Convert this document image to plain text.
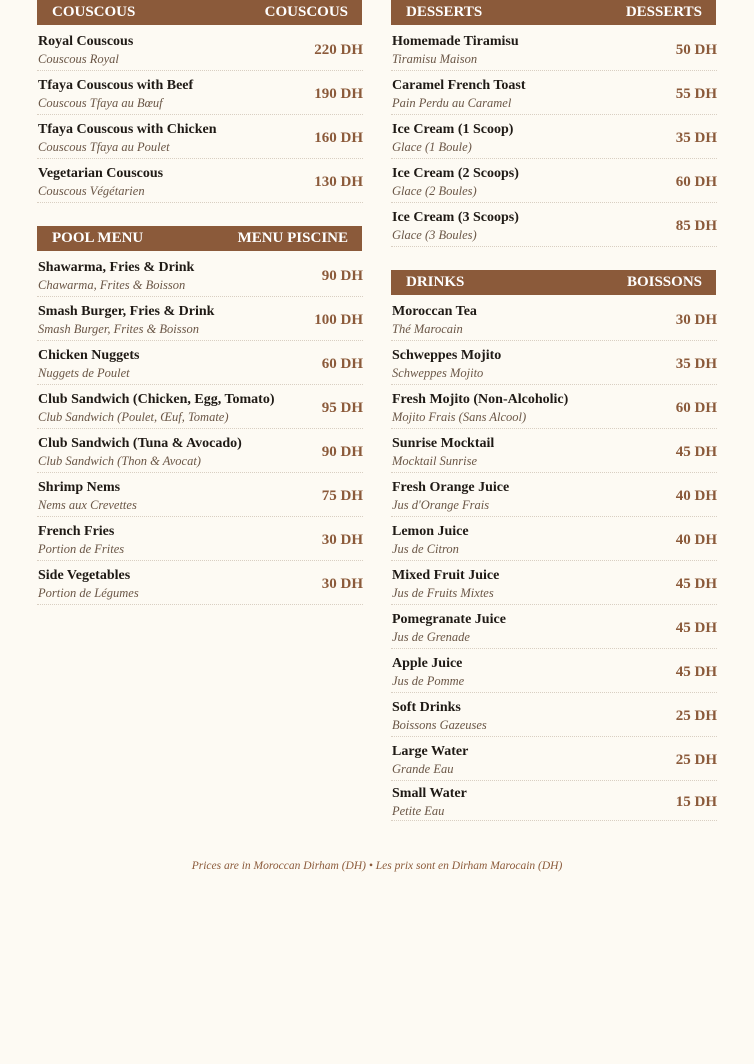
COUSCOUS	COUSCOUS
Royal Couscous
Couscous Royal
220 DH
Tfaya Couscous with Beef
Couscous Tfaya au Bœuf
190 DH
Tfaya Couscous with Chicken
Couscous Tfaya au Poulet
160 DH
Vegetarian Couscous
Couscous Végétarien
130 DH
POOL MENU	MENU PISCINE
Shawarma, Fries & Drink
Chawarma, Frites & Boisson
90 DH
Smash Burger, Fries & Drink
Smash Burger, Frites & Boisson
100 DH
Chicken Nuggets
Nuggets de Poulet
60 DH
Club Sandwich (Chicken, Egg, Tomato)
Club Sandwich (Poulet, Œuf, Tomate)
95 DH
Club Sandwich (Tuna & Avocado)
Club Sandwich (Thon & Avocat)
90 DH
Shrimp Nems
Nems aux Crevettes
75 DH
French Fries
Portion de Frites
30 DH
Side Vegetables
Portion de Légumes
30 DH
DESSERTS	DESSERTS
Homemade Tiramisu
Tiramisu Maison
50 DH
Caramel French Toast
Pain Perdu au Caramel
55 DH
Ice Cream (1 Scoop)
Glace (1 Boule)
35 DH
Ice Cream (2 Scoops)
Glace (2 Boules)
60 DH
Ice Cream (3 Scoops)
Glace (3 Boules)
85 DH
DRINKS	BOISSONS
Moroccan Tea
Thé Marocain
30 DH
Schweppes Mojito
Schweppes Mojito
35 DH
Fresh Mojito (Non-Alcoholic)
Mojito Frais (Sans Alcool)
60 DH
Sunrise Mocktail
Mocktail Sunrise
45 DH
Fresh Orange Juice
Jus d'Orange Frais
40 DH
Lemon Juice
Jus de Citron
40 DH
Mixed Fruit Juice
Jus de Fruits Mixtes
45 DH
Pomegranate Juice
Jus de Grenade
45 DH
Apple Juice
Jus de Pomme
45 DH
Soft Drinks
Boissons Gazeuses
25 DH
Large Water
Grande Eau
25 DH
Small Water
Petite Eau
15 DH
Prices are in Moroccan Dirham (DH) • Les prix sont en Dirham Marocain (DH)
